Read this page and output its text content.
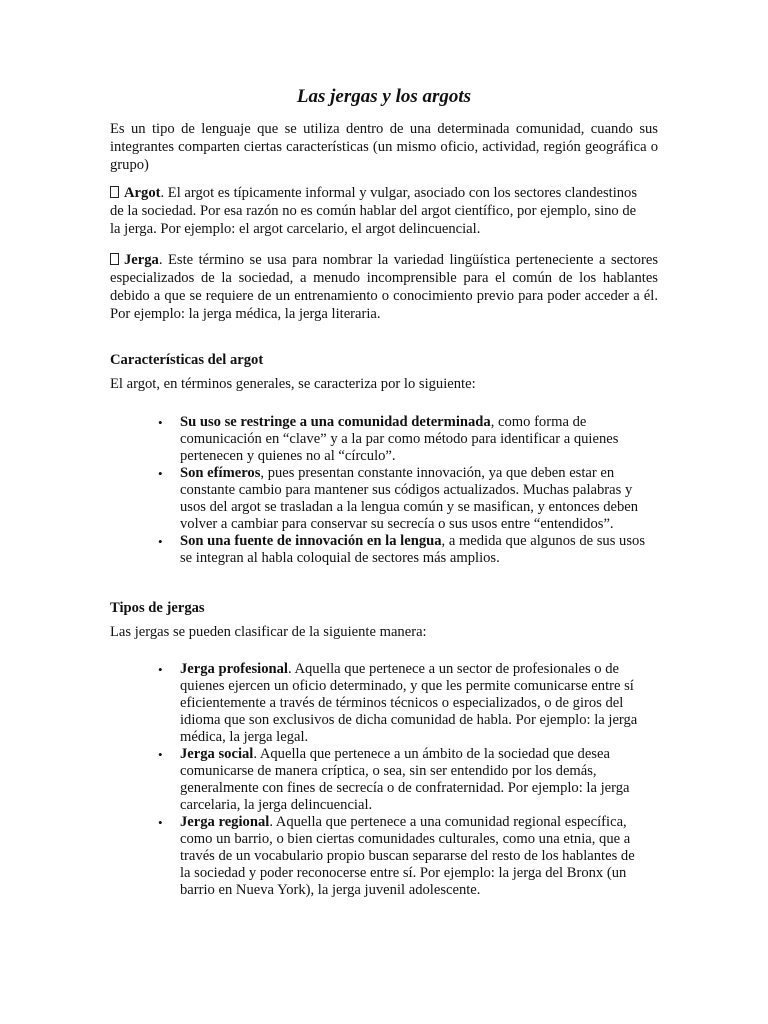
Las jergas y los argots

Es un tipo de lenguaje que se utiliza dentro de una determinada comunidad, cuando sus integrantes comparten ciertas características (un mismo oficio, actividad, región geográfica o grupo)

Argot. El argot es típicamente informal y vulgar, asociado con los sectores clandestinos de la sociedad. Por esa razón no es común hablar del argot científico, por ejemplo, sino de la jerga. Por ejemplo: el argot carcelario, el argot delincuencial.

Jerga. Este término se usa para nombrar la variedad lingüística perteneciente a sectores especializados de la sociedad, a menudo incomprensible para el común de los hablantes debido a que se requiere de un entrenamiento o conocimiento previo para poder acceder a él. Por ejemplo: la jerga médica, la jerga literaria.

Características del argot

El argot, en términos generales, se caracteriza por lo siguiente:

• Su uso se restringe a una comunidad determinada, como forma de comunicación en “clave” y a la par como método para identificar a quienes pertenecen y quienes no al “círculo”.
• Son efímeros, pues presentan constante innovación, ya que deben estar en constante cambio para mantener sus códigos actualizados. Muchas palabras y usos del argot se trasladan a la lengua común y se masifican, y entonces deben volver a cambiar para conservar su secrecía o sus usos entre “entendidos”.
• Son una fuente de innovación en la lengua, a medida que algunos de sus usos se integran al habla coloquial de sectores más amplios.
Tipos de jergas

Las jergas se pueden clasificar de la siguiente manera:

• Jerga profesional. Aquella que pertenece a un sector de profesionales o de quienes ejercen un oficio determinado, y que les permite comunicarse entre sí eficientemente a través de términos técnicos o especializados, o de giros del idioma que son exclusivos de dicha comunidad de habla. Por ejemplo: la jerga médica, la jerga legal.
• Jerga social. Aquella que pertenece a un ámbito de la sociedad que desea comunicarse de manera críptica, o sea, sin ser entendido por los demás, generalmente con fines de secrecía o de confraternidad. Por ejemplo: la jerga carcelaria, la jerga delincuencial.
• Jerga regional. Aquella que pertenece a una comunidad regional específica, como un barrio, o bien ciertas comunidades culturales, como una etnia, que a través de un vocabulario propio buscan separarse del resto de los hablantes de la sociedad y poder reconocerse entre sí. Por ejemplo: la jerga del Bronx (un barrio en Nueva York), la jerga juvenil adolescente.
